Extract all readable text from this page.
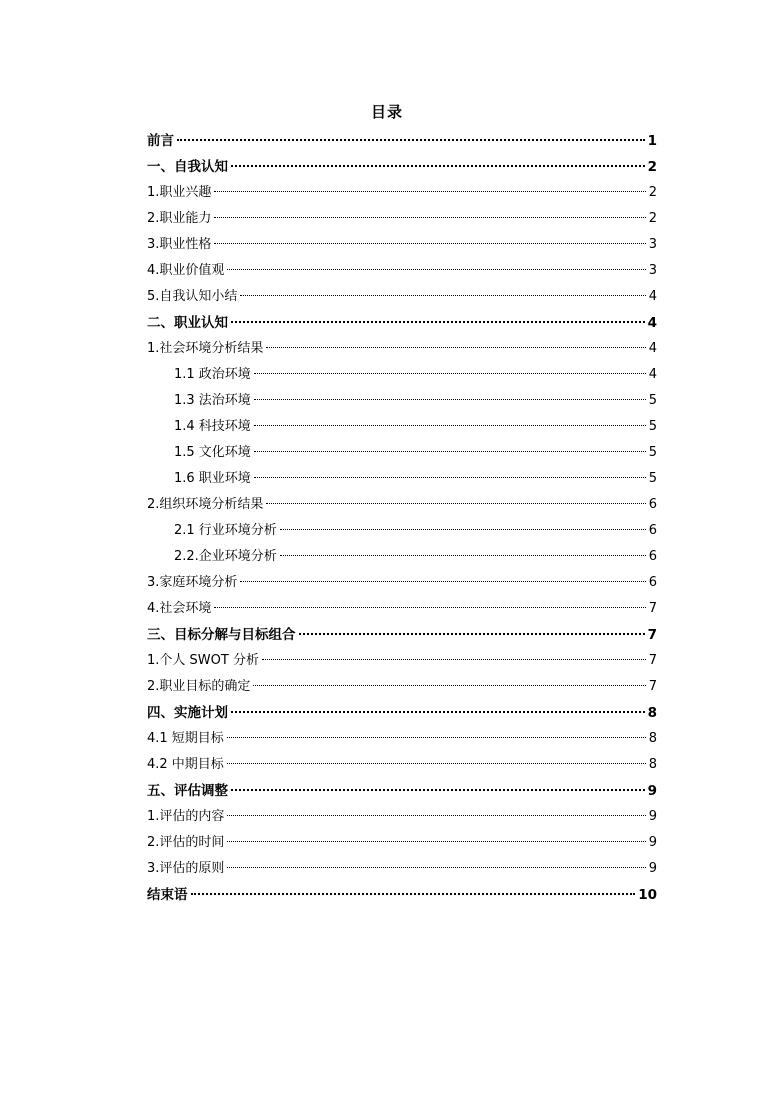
目录
前言	1
一、自我认知	2
1.职业兴趣	2
2.职业能力	2
3.职业性格	3
4.职业价值观	3
5.自我认知小结	4
二、职业认知	4
1.社会环境分析结果	4
1.1 政治环境	4
1.3 法治环境	5
1.4 科技环境	5
1.5 文化环境	5
1.6 职业环境	5
2.组织环境分析结果	6
2.1 行业环境分析	6
2.2.企业环境分析	6
3.家庭环境分析	6
4.社会环境	7
三、目标分解与目标组合	7
1.个人 SWOT 分析	7
2.职业目标的确定	7
四、实施计划	8
4.1 短期目标	8
4.2 中期目标	8
五、评估调整	9
1.评估的内容	9
2.评估的时间	9
3.评估的原则	9
结束语	10
